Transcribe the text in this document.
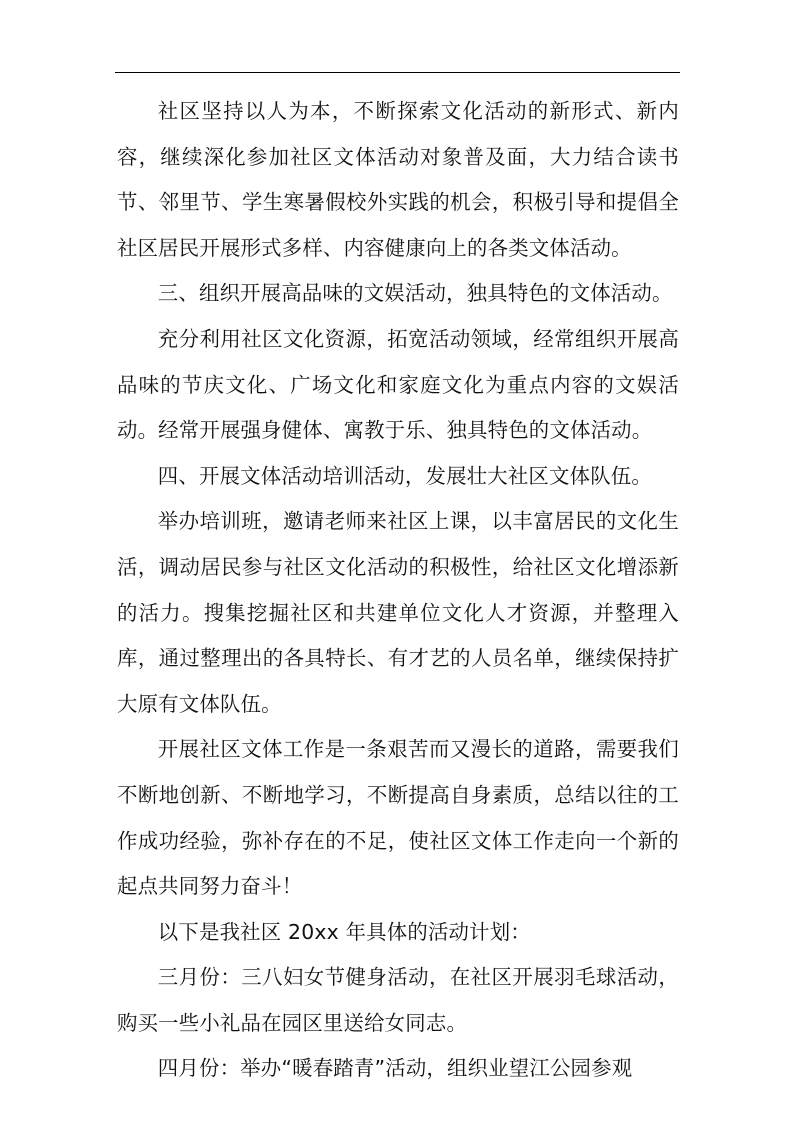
社区坚持以人为本，不断探索文化活动的新形式、新内容，继续深化参加社区文体活动对象普及面，大力结合读书节、邻里节、学生寒暑假校外实践的机会，积极引导和提倡全社区居民开展形式多样、内容健康向上的各类文体活动。

三、组织开展高品味的文娱活动，独具特色的文体活动。

充分利用社区文化资源，拓宽活动领域，经常组织开展高品味的节庆文化、广场文化和家庭文化为重点内容的文娱活动。经常开展强身健体、寓教于乐、独具特色的文体活动。

四、开展文体活动培训活动，发展壮大社区文体队伍。

举办培训班，邀请老师来社区上课，以丰富居民的文化生活，调动居民参与社区文化活动的积极性，给社区文化增添新的活力。搜集挖掘社区和共建单位文化人才资源，并整理入库，通过整理出的各具特长、有才艺的人员名单，继续保持扩大原有文体队伍。

开展社区文体工作是一条艰苦而又漫长的道路，需要我们不断地创新、不断地学习，不断提高自身素质，总结以往的工作成功经验，弥补存在的不足，使社区文体工作走向一个新的起点共同努力奋斗！

以下是我社区 20xx 年具体的活动计划：

三月份：三八妇女节健身活动，在社区开展羽毛球活动，购买一些小礼品在园区里送给女同志。

四月份：举办“暖春踏青”活动，组织业望江公园参观
